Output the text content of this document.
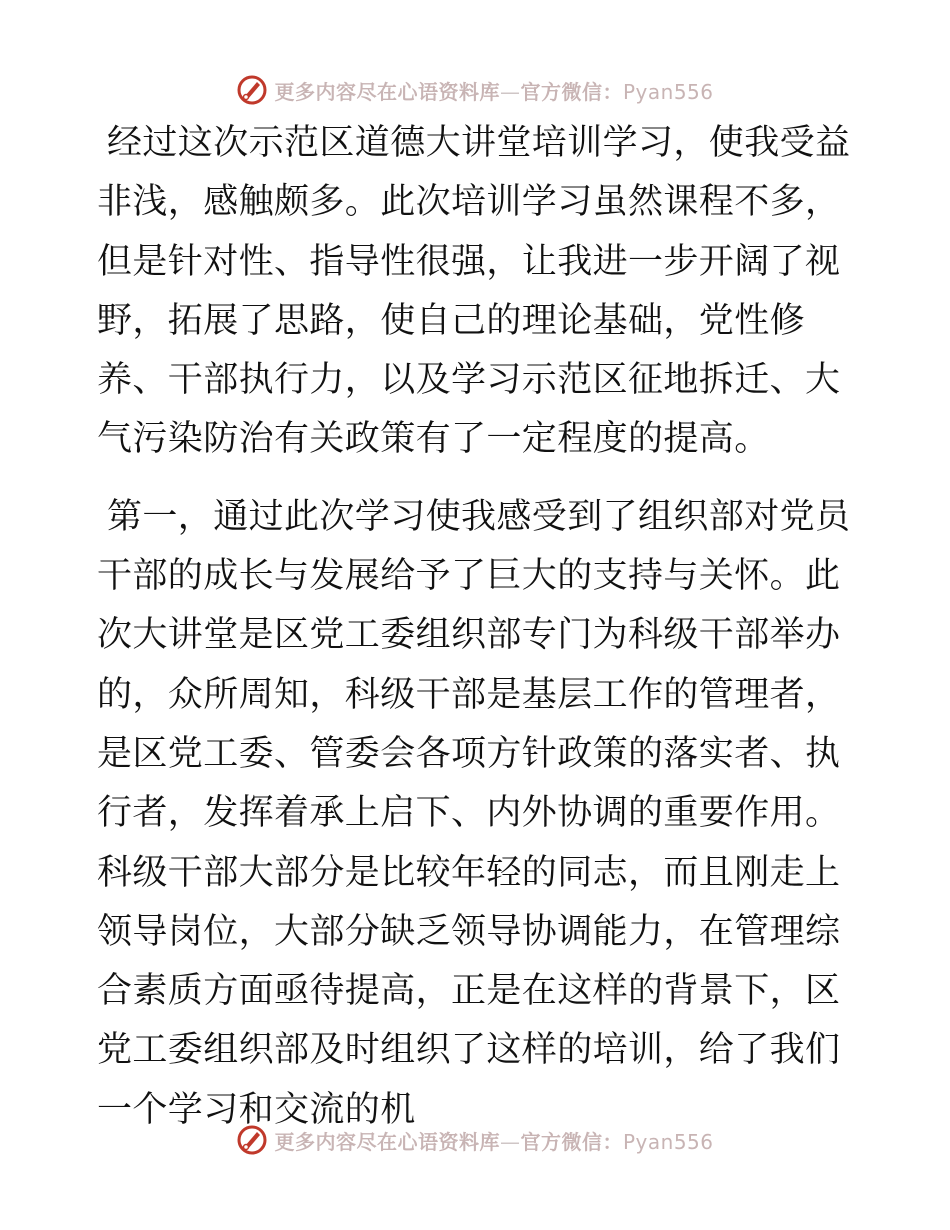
更多内容尽在心语资料库—官方微信：Pyan556

经过这次示范区道德大讲堂培训学习，使我受益非浅，感触颇多。此次培训学习虽然课程不多，但是针对性、指导性很强，让我进一步开阔了视野，拓展了思路，使自己的理论基础，党性修养、干部执行力，以及学习示范区征地拆迁、大气污染防治有关政策有了一定程度的提高。

第一，通过此次学习使我感受到了组织部对党员干部的成长与发展给予了巨大的支持与关怀。此次大讲堂是区党工委组织部专门为科级干部举办的，众所周知，科级干部是基层工作的管理者，是区党工委、管委会各项方针政策的落实者、执行者，发挥着承上启下、内外协调的重要作用。科级干部大部分是比较年轻的同志，而且刚走上领导岗位，大部分缺乏领导协调能力，在管理综合素质方面亟待提高，正是在这样的背景下，区党工委组织部及时组织了这样的培训，给了我们一个学习和交流的机

更多内容尽在心语资料库—官方微信：Pyan556
